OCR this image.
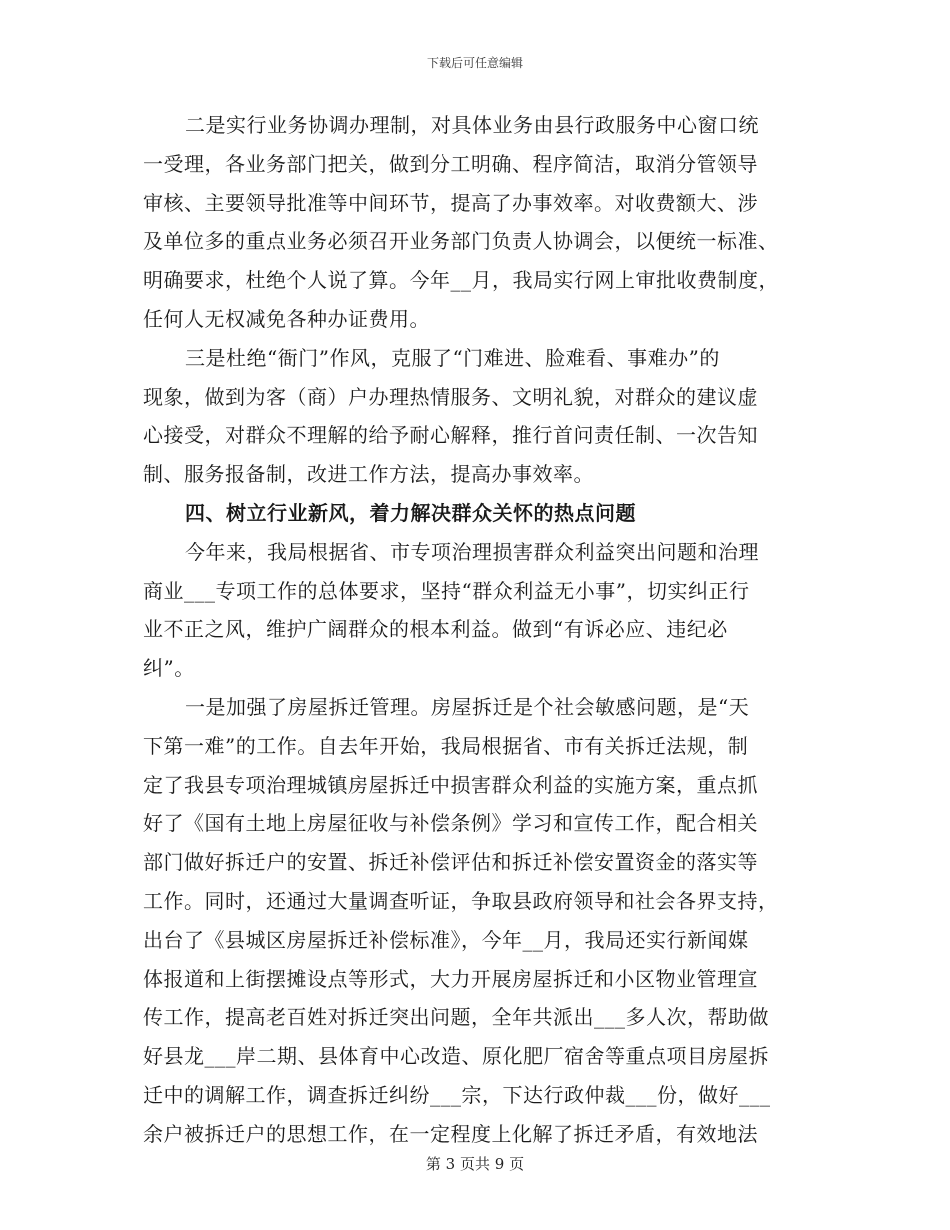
下载后可任意编辑
二是实行业务协调办理制，对具体业务由县行政服务中心窗口统
一受理，各业务部门把关，做到分工明确、程序简洁，取消分管领导
审核、主要领导批准等中间环节，提高了办事效率。对收费额大、涉
及单位多的重点业务必须召开业务部门负责人协调会，以便统一标准、
明确要求，杜绝个人说了算。今年__月，我局实行网上审批收费制度，
任何人无权减免各种办证费用。
三是杜绝“衙门”作风，克服了“门难进、脸难看、事难办”的
现象，做到为客（商）户办理热情服务、文明礼貌，对群众的建议虚
心接受，对群众不理解的给予耐心解释，推行首问责任制、一次告知
制、服务报备制，改进工作方法，提高办事效率。
四、树立行业新风，着力解决群众关怀的热点问题
今年来，我局根据省、市专项治理损害群众利益突出问题和治理
商业___专项工作的总体要求，坚持“群众利益无小事”，切实纠正行
业不正之风，维护广阔群众的根本利益。做到“有诉必应、违纪必
纠”。
一是加强了房屋拆迁管理。房屋拆迁是个社会敏感问题，是“天
下第一难”的工作。自去年开始，我局根据省、市有关拆迁法规，制
定了我县专项治理城镇房屋拆迁中损害群众利益的实施方案，重点抓
好了《国有土地上房屋征收与补偿条例》学习和宣传工作，配合相关
部门做好拆迁户的安置、拆迁补偿评估和拆迁补偿安置资金的落实等
工作。同时，还通过大量调查听证，争取县政府领导和社会各界支持，
出台了《县城区房屋拆迁补偿标准》，今年__月，我局还实行新闻媒
体报道和上街摆摊设点等形式，大力开展房屋拆迁和小区物业管理宣
传工作，提高老百姓对拆迁突出问题，全年共派出___多人次，帮助做
好县龙___岸二期、县体育中心改造、原化肥厂宿舍等重点项目房屋拆
迁中的调解工作，调查拆迁纠纷___宗，下达行政仲裁___份，做好___
余户被拆迁户的思想工作，在一定程度上化解了拆迁矛盾，有效地法
第 3 页共 9 页
